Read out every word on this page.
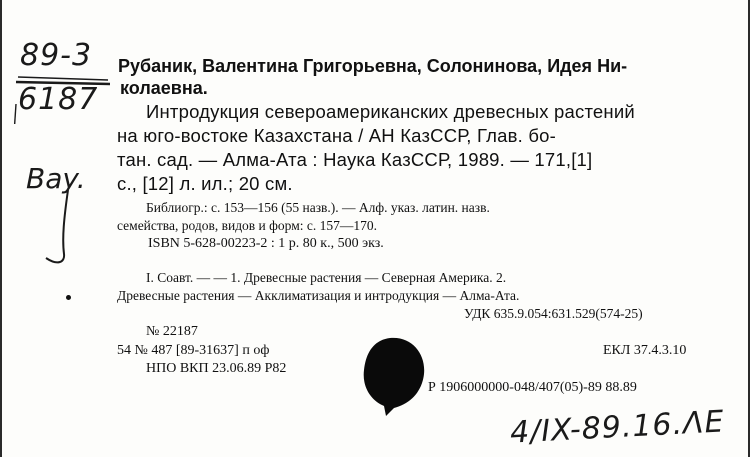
89-3
6187
Bay.
Рубаник, Валентина Григорьевна, Солонинова, Идея Ни-
колаевна.
Интродукция североамериканских древесных растений
на юго-востоке Казахстана / АН КазССР, Глав. бо-
тан. сад. — Алма-Ата : Наука КазССР, 1989. — 171,[1]
с., [12] л. ил.; 20 см.
Библиогр.: с. 153—156 (55 назв.). — Алф. указ. латин. назв.
семейства, родов, видов и форм: с. 157—170.
ISBN 5-628-00223-2 : 1 р. 80 к., 500 экз.
I. Соавт. — — 1. Древесные растения — Северная Америка. 2.
Древесные растения — Акклиматизация и интродукция — Алма-Ата.
УДК 635.9.054:631.529(574-25)
№ 22187
54 № 487 [89-31637] п оф	ЕКЛ 37.4.3.10
НПО ВКП 23.06.89 Р82
Р 1906000000-048/407(05)-89 88.89
4/IX-89.16.ΛE
